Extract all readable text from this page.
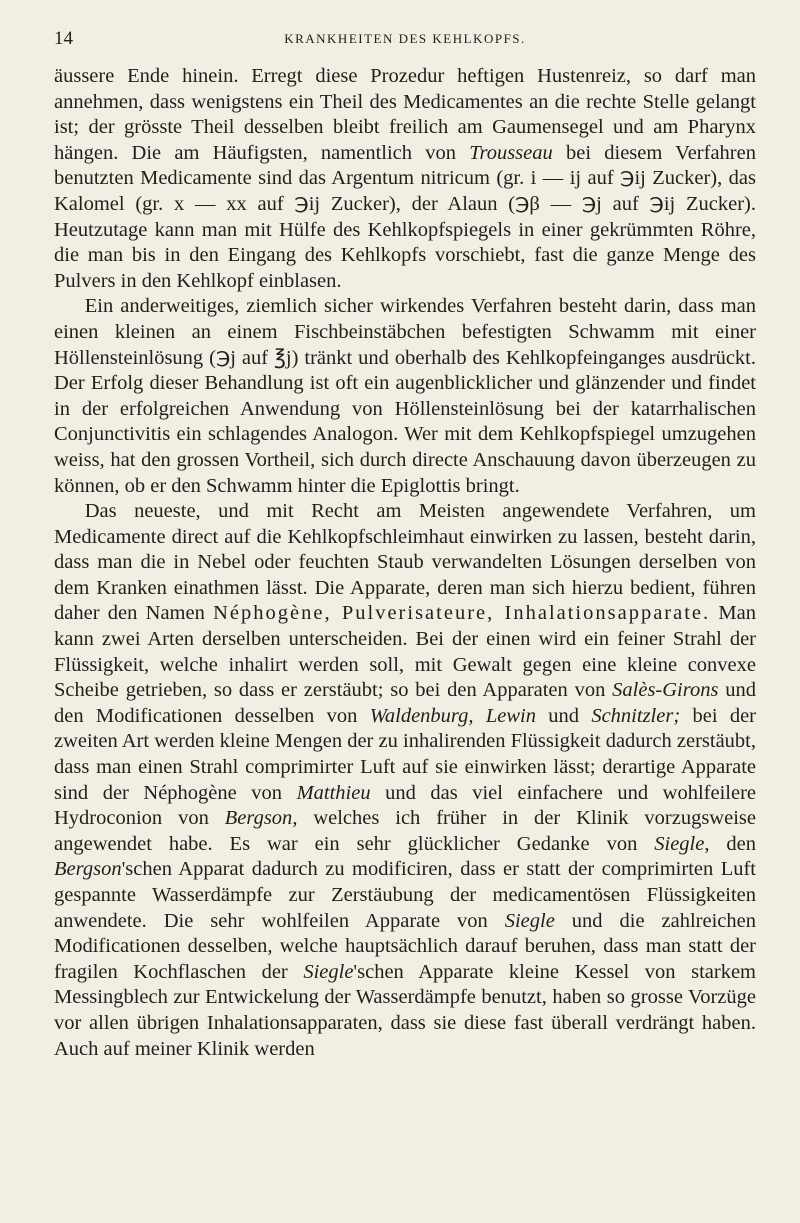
14	KRANKHEITEN DES KEHLKOPFS.

äussere Ende hinein. Erregt diese Prozedur heftigen Hustenreiz, so darf man annehmen, dass wenigstens ein Theil des Medicamentes an die rechte Stelle gelangt ist; der grösste Theil desselben bleibt freilich am Gaumensegel und am Pharynx hängen. Die am Häufigsten, namentlich von Trousseau bei diesem Verfahren benutzten Medicamente sind das Argentum nitricum (gr. i — ij auf ℈ij Zucker), das Kalomel (gr. x — xx auf ℈ij Zucker), der Alaun (℈β — ℈j auf ℈ij Zucker). Heutzutage kann man mit Hülfe des Kehlkopfspiegels in einer gekrümmten Röhre, die man bis in den Eingang des Kehlkopfs vorschiebt, fast die ganze Menge des Pulvers in den Kehlkopf einblasen.

Ein anderweitiges, ziemlich sicher wirkendes Verfahren besteht darin, dass man einen kleinen an einem Fischbeinstäbchen befestigten Schwamm mit einer Höllensteinlösung (℈j auf ℥j) tränkt und oberhalb des Kehlkopfeinganges ausdrückt. Der Erfolg dieser Behandlung ist oft ein augenblicklicher und glänzender und findet in der erfolgreichen Anwendung von Höllensteinlösung bei der katarrhalischen Conjunctivitis ein schlagendes Analogon. Wer mit dem Kehlkopfspiegel umzugehen weiss, hat den grossen Vortheil, sich durch directe Anschauung davon überzeugen zu können, ob er den Schwamm hinter die Epiglottis bringt.

Das neueste, und mit Recht am Meisten angewendete Verfahren, um Medicamente direct auf die Kehlkopfschleimhaut einwirken zu lassen, besteht darin, dass man die in Nebel oder feuchten Staub verwandelten Lösungen derselben von dem Kranken einathmen lässt. Die Apparate, deren man sich hierzu bedient, führen daher den Namen Néphogène, Pulverisateure, Inhalationsapparate. Man kann zwei Arten derselben unterscheiden. Bei der einen wird ein feiner Strahl der Flüssigkeit, welche inhalirt werden soll, mit Gewalt gegen eine kleine convexe Scheibe getrieben, so dass er zerstäubt; so bei den Apparaten von Salès-Girons und den Modificationen desselben von Waldenburg, Lewin und Schnitzler; bei der zweiten Art werden kleine Mengen der zu inhalirenden Flüssigkeit dadurch zerstäubt, dass man einen Strahl comprimirter Luft auf sie einwirken lässt; derartige Apparate sind der Néphogène von Matthieu und das viel einfachere und wohlfeilere Hydroconion von Bergson, welches ich früher in der Klinik vorzugsweise angewendet habe. Es war ein sehr glücklicher Gedanke von Siegle, den Bergson'schen Apparat dadurch zu modificiren, dass er statt der comprimirten Luft gespannte Wasserdämpfe zur Zerstäubung der medicamentösen Flüssigkeiten anwendete. Die sehr wohlfeilen Apparate von Siegle und die zahlreichen Modificationen desselben, welche hauptsächlich darauf beruhen, dass man statt der fragilen Kochflaschen der Siegle'schen Apparate kleine Kessel von starkem Messingblech zur Entwickelung der Wasserdämpfe benutzt, haben so grosse Vorzüge vor allen übrigen Inhalationsapparaten, dass sie diese fast überall verdrängt haben. Auch auf meiner Klinik werden
